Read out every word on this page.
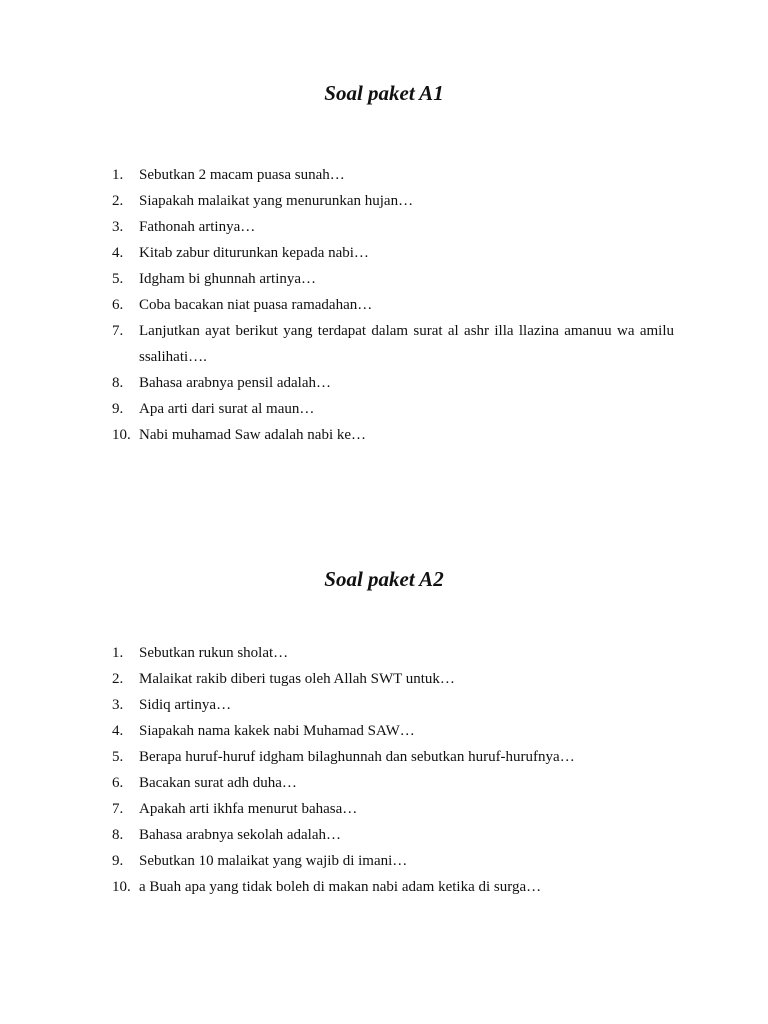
Soal paket A1
1.	Sebutkan 2 macam puasa sunah…
2.	Siapakah malaikat yang menurunkan hujan…
3.	Fathonah artinya…
4.	Kitab zabur diturunkan kepada nabi…
5.	Idgham bi ghunnah artinya…
6.	Coba bacakan niat puasa ramadahan…
7.	Lanjutkan ayat berikut yang terdapat dalam surat al ashr illa llazina amanuu wa amilu ssalihati….
8.	Bahasa arabnya pensil adalah…
9.	Apa arti dari surat al maun…
10. Nabi muhamad Saw adalah nabi ke…
Soal paket A2
1.	Sebutkan rukun sholat…
2.	Malaikat rakib diberi tugas oleh Allah SWT untuk…
3.	Sidiq artinya…
4.	Siapakah nama kakek nabi Muhamad SAW…
5.	Berapa huruf-huruf idgham bilaghunnah dan sebutkan huruf-hurufnya…
6.	Bacakan surat adh duha…
7.	Apakah arti ikhfa menurut bahasa…
8.	Bahasa arabnya sekolah adalah…
9.	Sebutkan 10 malaikat yang wajib di imani…
10. a Buah apa yang tidak boleh di makan nabi adam ketika di surga…
